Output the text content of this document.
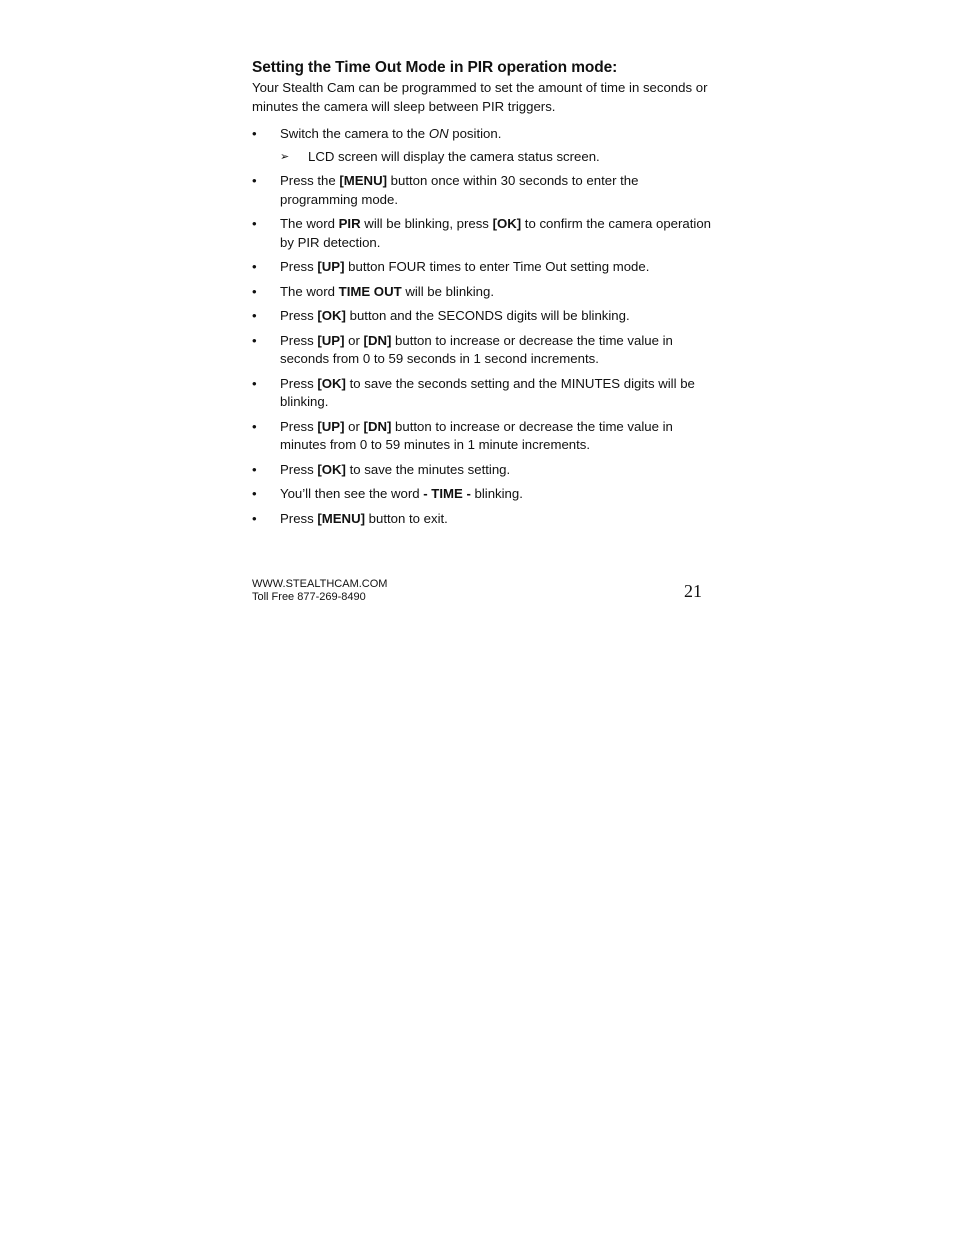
Setting the Time Out Mode in PIR operation mode:

Your Stealth Cam can be programmed to set the amount of time in seconds or minutes the camera will sleep between PIR triggers.

•	Switch the camera to the ON position.
➢ LCD screen will display the camera status screen.
•	Press the [MENU] button once within 30 seconds to enter the programming mode.
•	The word PIR will be blinking, press [OK] to confirm the camera operation by PIR detection.
•	Press [UP] button FOUR times to enter Time Out setting mode.
•	The word TIME OUT will be blinking.
•	Press [OK] button and the SECONDS digits will be blinking.
•	Press [UP] or [DN] button to increase or decrease the time value in seconds from 0 to 59 seconds in 1 second increments.
•	Press [OK] to save the seconds setting and the MINUTES digits will be blinking.
•	Press [UP] or [DN] button to increase or decrease the time value in minutes from 0 to 59 minutes in 1 minute increments.
•	Press [OK] to save the minutes setting.
•	You’ll then see the word - TIME - blinking.
•	Press [MENU] button to exit.
WWW.STEALTHCAM.COM
Toll Free 877-269-8490	21
